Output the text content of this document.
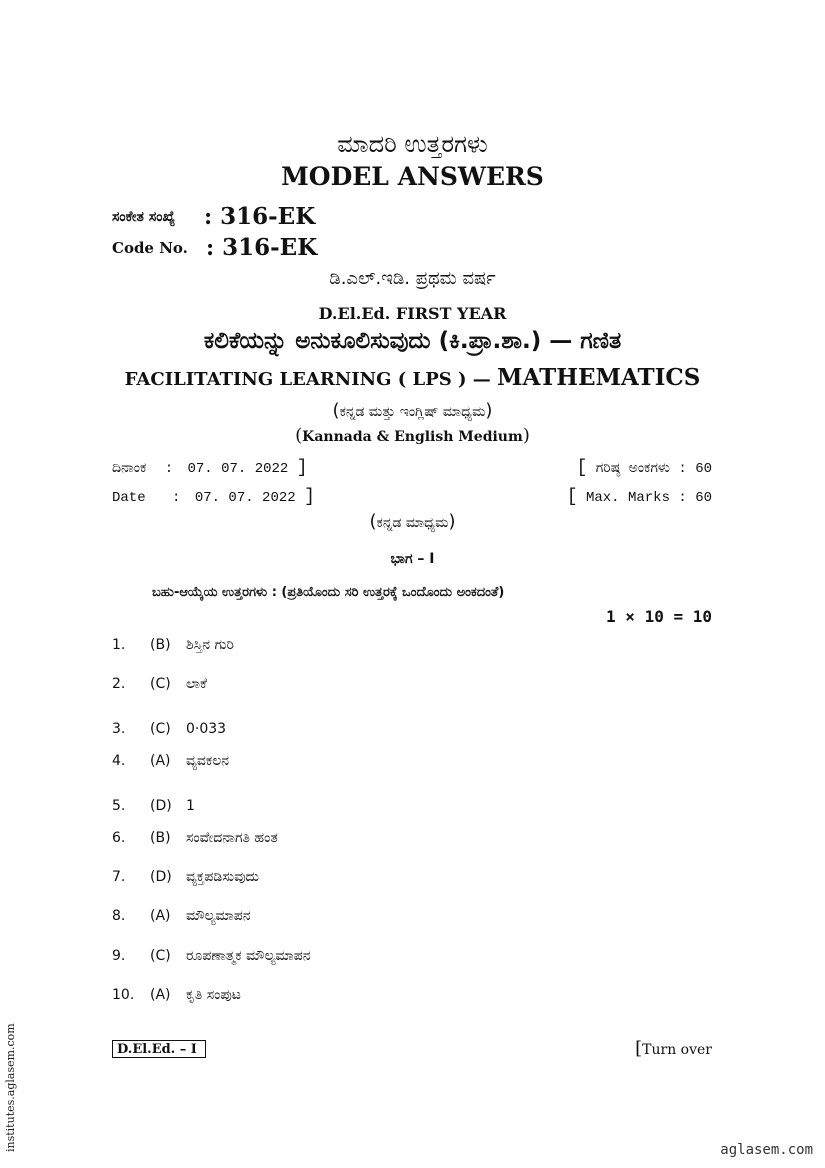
ಮಾದರಿ ಉತ್ತರಗಳು
MODEL ANSWERS
ಸಂಕೇತ ಸಂಖ್ಯೆ : 316-EK
Code No. : 316-EK
ಡಿ.ಎಲ್.ಇಡಿ. ಪ್ರಥಮ ವರ್ಷ
D.El.Ed. FIRST YEAR
ಕಲಿಕೆಯನ್ನು ಅನುಕೂಲಿಸುವುದು (ಕಿ.ಪ್ರಾ.ಶಾ.) — ಗಣಿತ
FACILITATING LEARNING ( LPS ) — MATHEMATICS
(ಕನ್ನಡ ಮತ್ತು ಇಂಗ್ಲಿಷ್ ಮಾಧ್ಯಮ)
(Kannada & English Medium)
ದಿನಾಂಕ : 07. 07. 2022 ]
Date : 07. 07. 2022 ]
[ ಗರಿಷ್ಠ ಅಂಕಗಳು : 60
[ Max. Marks : 60
(ಕನ್ನಡ ಮಾಧ್ಯಮ)
ಭಾಗ – I
ಬಹು-ಆಯ್ಕೆಯ ಉತ್ತರಗಳು : (ಪ್ರತಿಯೊಂದು ಸರಿ ಉತ್ತರಕ್ಕೆ ಒಂದೊಂದು ಅಂಕದಂತೆ)
1 × 10 = 10
1. (B) ಶಿಸ್ತಿನ ಗುರಿ
2. (C) ಲಾಕೆ
3. (C) 0·033
4. (A) ವ್ಯವಕಲನ
5. (D) 1
6. (B) ಸಂವೇದನಾಗತಿ ಹಂತ
7. (D) ವ್ಯಕ್ತಪಡಿಸುವುದು
8. (A) ಮೌಲ್ಯಮಾಪನ
9. (C) ರೂಪಣಾತ್ಮಕ ಮೌಲ್ಯಮಾಪನ
10. (A) ಕೃತಿ ಸಂಪುಟ
D.El.Ed. – I	[Turn over
institutes.aglasem.com	aglasem.com
